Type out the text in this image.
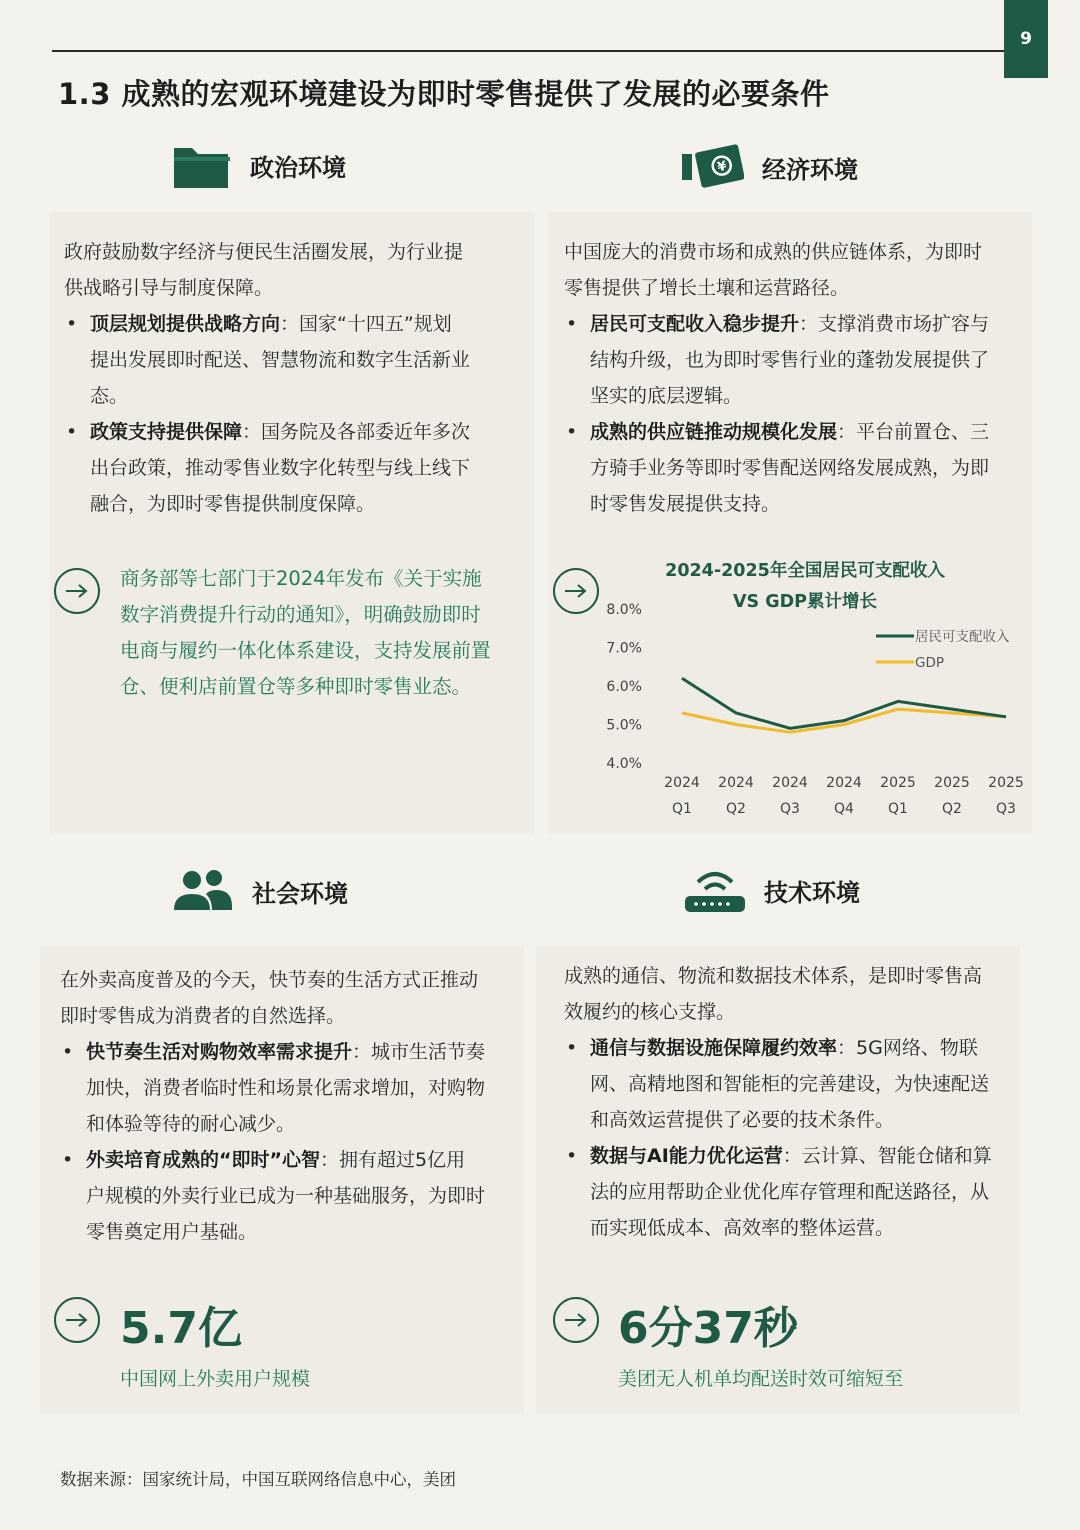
9
1.3 成熟的宏观环境建设为即时零售提供了发展的必要条件
政治环境	¥ 经济环境
政府鼓励数字经济与便民生活圈发展，为行业提
供战略引导与制度保障。
• 顶层规划提供战略方向：国家“十四五”规划
提出发展即时配送、智慧物流和数字生活新业
态。
• 政策支持提供保障：国务院及各部委近年多次
出台政策，推动零售业数字化转型与线上线下
融合，为即时零售提供制度保障。
商务部等七部门于2024年发布《关于实施
数字消费提升行动的通知》，明确鼓励即时
电商与履约一体化体系建设，支持发展前置
仓、便利店前置仓等多种即时零售业态。
中国庞大的消费市场和成熟的供应链体系，为即时
零售提供了增长土壤和运营路径。
• 居民可支配收入稳步提升：支撑消费市场扩容与
结构升级，也为即时零售行业的蓬勃发展提供了
坚实的底层逻辑。
• 成熟的供应链推动规模化发展：平台前置仓、三
方骑手业务等即时零售配送网络发展成熟，为即
时零售发展提供支持。
2024-2025年全国居民可支配收入
VS GDP累计增长
8.0%
7.0%
6.0%
5.0%
4.0%
2024
Q1
2024
Q2
2024
Q3
2024
Q4
2025
Q1
2025
Q2
2025
Q3
居民可支配收入
GDP
社会环境	技术环境
在外卖高度普及的今天，快节奏的生活方式正推动
即时零售成为消费者的自然选择。
• 快节奏生活对购物效率需求提升：城市生活节奏
加快，消费者临时性和场景化需求增加，对购物
和体验等待的耐心减少。
• 外卖培育成熟的“即时”心智：拥有超过5亿用
户规模的外卖行业已成为一种基础服务，为即时
零售奠定用户基础。
5.7亿
中国网上外卖用户规模
成熟的通信、物流和数据技术体系，是即时零售高
效履约的核心支撑。
• 通信与数据设施保障履约效率：5G网络、物联
网、高精地图和智能柜的完善建设，为快速配送
和高效运营提供了必要的技术条件。
• 数据与AI能力优化运营：云计算、智能仓储和算
法的应用帮助企业优化库存管理和配送路径，从
而实现低成本、高效率的整体运营。
6分37秒
美团无人机单均配送时效可缩短至
数据来源：国家统计局，中国互联网络信息中心，美团
